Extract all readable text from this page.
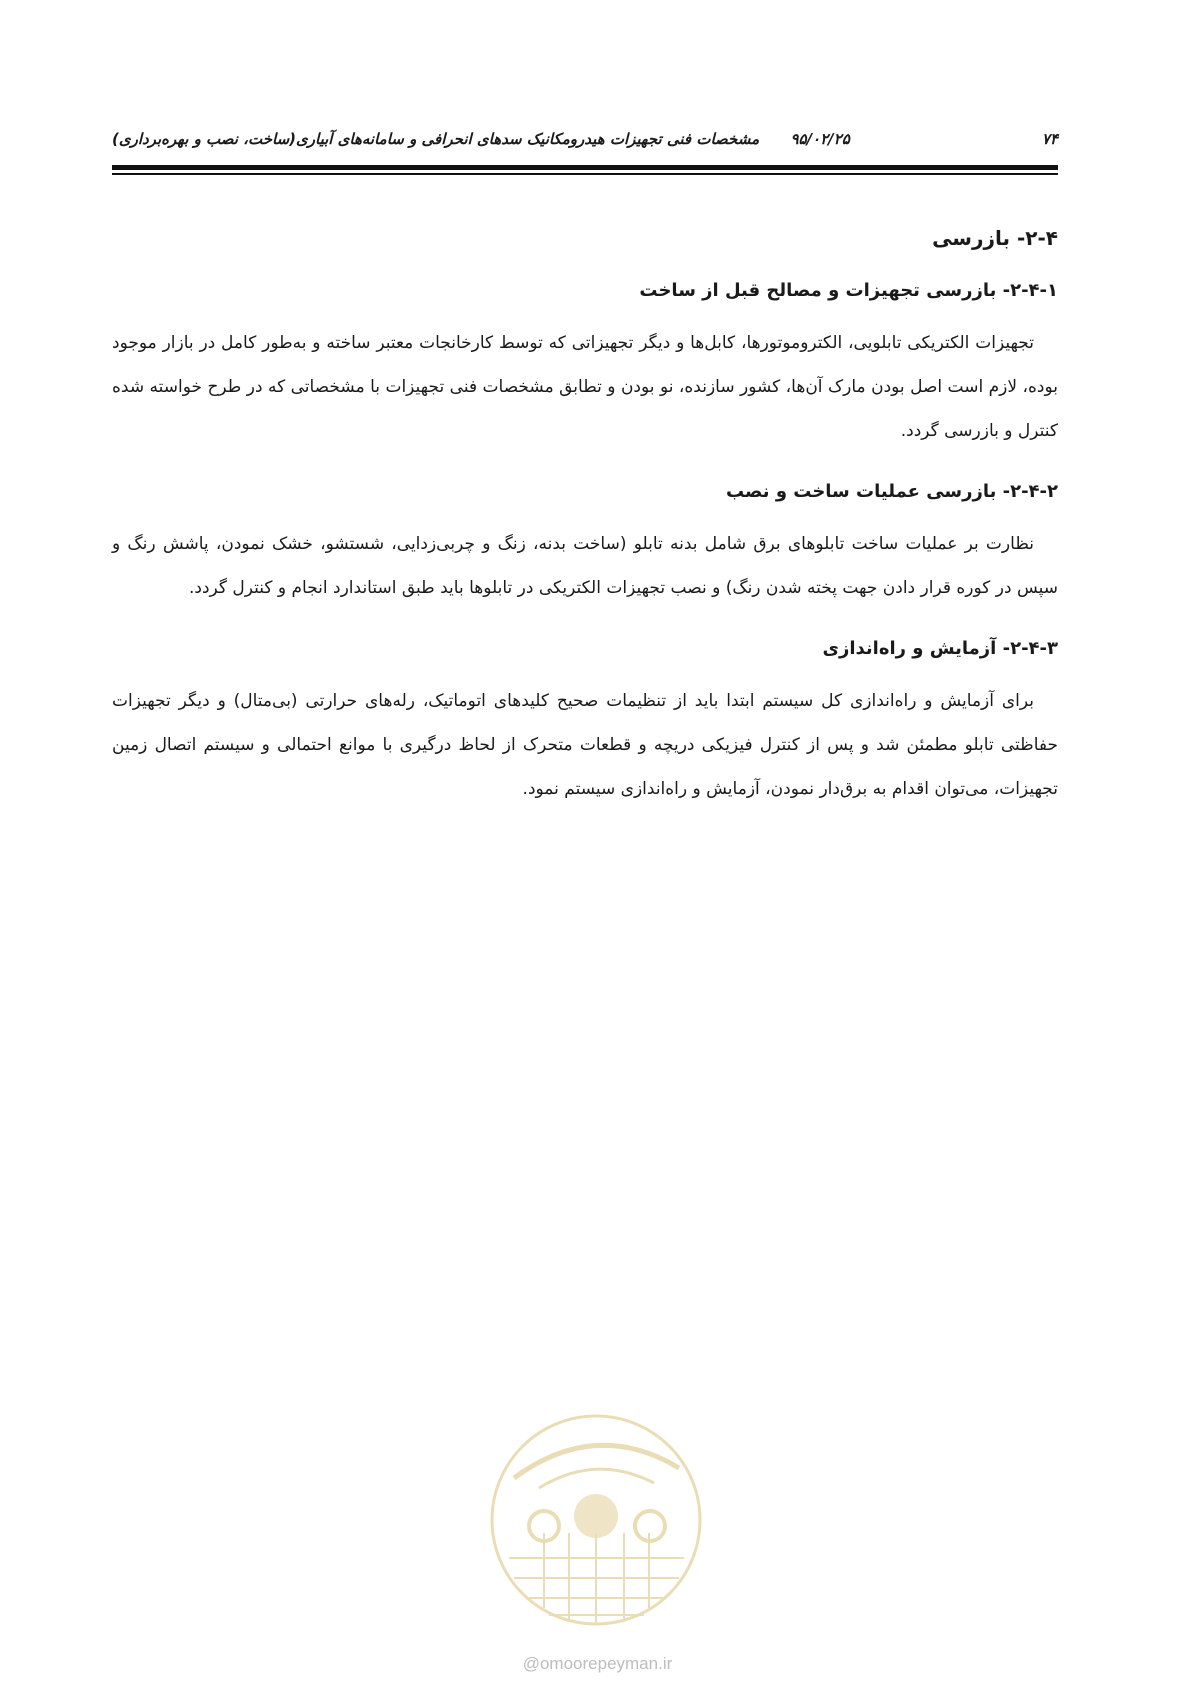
۷۴
۹۵/۰۲/۲۵      مشخصات فنی تجهیزات هیدرومکانیک سدهای انحرافی و سامانه‌های آبیاری(ساخت، نصب و بهره‌برداری)
۲-۴- بازرسی
۲-۴-۱- بازرسی تجهیزات و مصالح قبل از ساخت

تجهیزات الکتریکی تابلویی، الکتروموتورها، کابل‌ها و دیگر تجهیزاتی که توسط کارخانجات معتبر ساخته و به‌طور کامل در بازار موجود بوده، لازم است اصل بودن مارک آن‌ها، کشور سازنده، نو بودن و تطابق مشخصات فنی تجهیزات با مشخصاتی که در طرح خواسته شده کنترل و بازرسی گردد.

۲-۴-۲- بازرسی عملیات ساخت و نصب

نظارت بر عملیات ساخت تابلوهای برق شامل بدنه تابلو (ساخت بدنه، زنگ و چربی‌زدایی، شستشو، خشک نمودن، پاشش رنگ و سپس در کوره قرار دادن جهت پخته شدن رنگ) و نصب تجهیزات الکتریکی در تابلوها باید طبق استاندارد انجام و کنترل گردد.

۲-۴-۳- آزمایش و راه‌اندازی

برای آزمایش و راه‌اندازی کل سیستم ابتدا باید از تنظیمات صحیح کلیدهای اتوماتیک، رله‌های حرارتی (بی‌متال) و دیگر تجهیزات حفاظتی تابلو مطمئن شد و پس از کنترل فیزیکی دریچه و قطعات متحرک از لحاظ درگیری با موانع احتمالی و سیستم اتصال زمین تجهیزات، می‌توان اقدام به برق‌دار نمودن، آزمایش و راه‌اندازی سیستم نمود.

@omoorepeyman.ir
